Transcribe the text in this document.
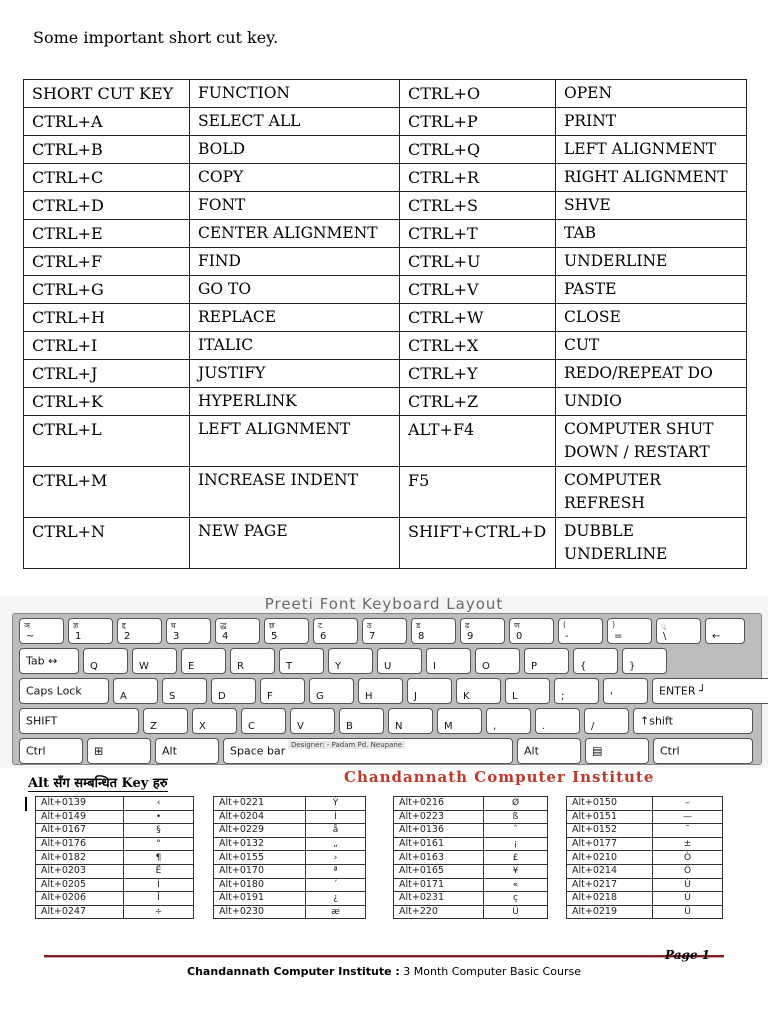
Some important short cut key.
SHORT CUT KEY	FUNCTION	CTRL+O	OPEN
CTRL+A	SELECT ALL	CTRL+P	PRINT
CTRL+B	BOLD	CTRL+Q	LEFT ALIGNMENT
CTRL+C	COPY	CTRL+R	RIGHT ALIGNMENT
CTRL+D	FONT	CTRL+S	SHVE
CTRL+E	CENTER ALIGNMENT	CTRL+T	TAB
CTRL+F	FIND	CTRL+U	UNDERLINE
CTRL+G	GO TO	CTRL+V	PASTE
CTRL+H	REPLACE	CTRL+W	CLOSE
CTRL+I	ITALIC	CTRL+X	CUT
CTRL+J	JUSTIFY	CTRL+Y	REDO/REPEAT DO
CTRL+K	HYPERLINK	CTRL+Z	UNDIO
CTRL+L	LEFT ALIGNMENT	ALT+F4	COMPUTER SHUT DOWN / RESTART
CTRL+M	INCREASE INDENT	F5	COMPUTER REFRESH
CTRL+N	NEW PAGE	SHIFT+CTRL+D	DUBBLE UNDERLINE
Preeti Font Keyboard Layout
ञ
~
ज्ञ
1
द्द
2
घ
3
द्ध
4
छ
5
ट
6
ठ
7
ड
8
ढ
9
ण
0
(
-
)
=
्
\	←
Tab ↔	Q	W	E	R	T	Y	U	I	O	P	{	}
Caps Lock	A	S	D	F	G	H	J	K	L	;	'	ENTER ┘
SHIFT	Z	X	C	V	B	N	M	,	.	/	↑shift
Ctrl	⊞	Alt	Space bar	Alt	▤	Ctrl
Designer: - Padam Pd. Neupane
Alt सँग सम्बन्धित Key हरु	Chandannath Computer Institute
Alt+0139	‹
Alt+0149	•
Alt+0167	§
Alt+0176	°
Alt+0182	¶
Alt+0203	Ë
Alt+0205	Í
Alt+0206	Î
Alt+0247	÷
Alt+0221	Ý
Alt+0204	Ì
Alt+0229	å
Alt+0132	„
Alt+0155	›
Alt+0170	ª
Alt+0180	´
Alt+0191	¿
Alt+0230	æ
Alt+0216	Ø
Alt+0223	ß
Alt+0136	ˆ
Alt+0161	¡
Alt+0163	£
Alt+0165	¥
Alt+0171	«
Alt+0231	ç
Alt+220	Ü
Alt+0150	–
Alt+0151	—
Alt+0152	˜
Alt+0177	±
Alt+0210	Ò
Alt+0214	Ö
Alt+0217	Ù
Alt+0218	Ú
Alt+0219	Û
Page 1
Chandannath Computer Institute : 3 Month Computer Basic Course
